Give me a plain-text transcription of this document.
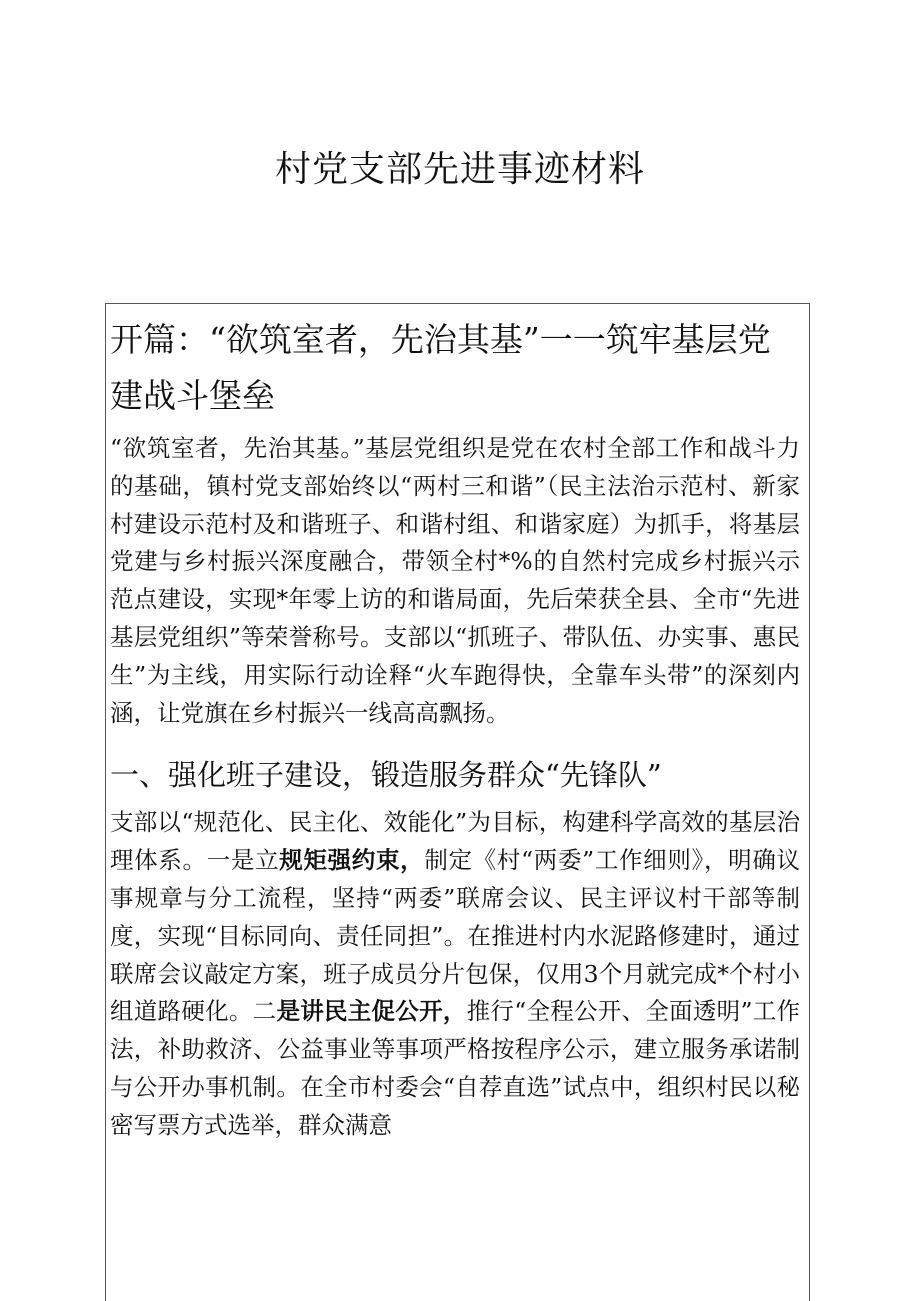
村党支部先进事迹材料
开篇：“欲筑室者，先治其基”一一筑牢基层党建战斗堡垒

“欲筑室者，先治其基。”基层党组织是党在农村全部工作和战斗力的基础，镇村党支部始终以“两村三和谐”（民主法治示范村、新家村建设示范村及和谐班子、和谐村组、和谐家庭）为抓手，将基层党建与乡村振兴深度融合，带领全村*%的自然村完成乡村振兴示范点建设，实现*年零上访的和谐局面，先后荣获全县、全市“先进基层党组织”等荣誉称号。支部以“抓班子、带队伍、办实事、惠民生”为主线，用实际行动诠释“火车跑得快，全靠车头带”的深刻内涵，让党旗在乡村振兴一线高高飘扬。

一、强化班子建设，锻造服务群众“先锋队”

支部以“规范化、民主化、效能化”为目标，构建科学高效的基层治理体系。一是立规矩强约束，制定《村“两委”工作细则》，明确议事规章与分工流程，坚持“两委”联席会议、民主评议村干部等制度，实现“目标同向、责任同担”。在推进村内水泥路修建时，通过联席会议敲定方案，班子成员分片包保，仅用3个月就完成*个村小组道路硬化。二是讲民主促公开，推行“全程公开、全面透明”工作法，补助救济、公益事业等事项严格按程序公示，建立服务承诺制与公开办事机制。在全市村委会“自荐直选”试点中，组织村民以秘密写票方式选举，群众满意
